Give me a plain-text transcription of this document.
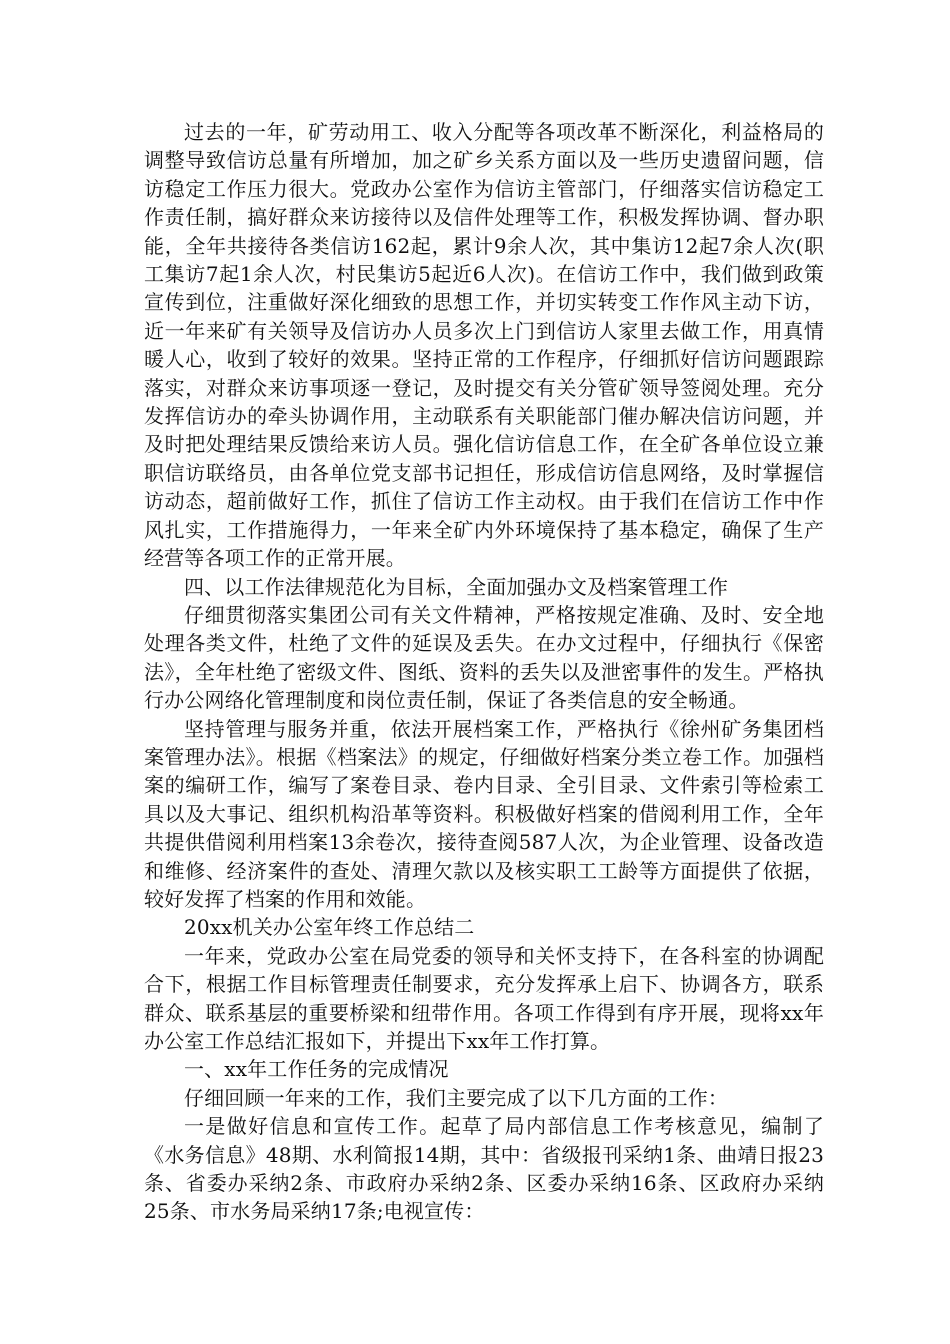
过去的一年，矿劳动用工、收入分配等各项改革不断深化，利益格局的调整导致信访总量有所增加，加之矿乡关系方面以及一些历史遗留问题，信访稳定工作压力很大。党政办公室作为信访主管部门，仔细落实信访稳定工作责任制，搞好群众来访接待以及信件处理等工作，积极发挥协调、督办职能，全年共接待各类信访162起，累计9余人次，其中集访12起7余人次(职工集访7起1余人次，村民集访5起近6人次)。在信访工作中，我们做到政策宣传到位，注重做好深化细致的思想工作，并切实转变工作作风主动下访，近一年来矿有关领导及信访办人员多次上门到信访人家里去做工作，用真情暖人心，收到了较好的效果。坚持正常的工作程序，仔细抓好信访问题跟踪落实，对群众来访事项逐一登记，及时提交有关分管矿领导签阅处理。充分发挥信访办的牵头协调作用，主动联系有关职能部门催办解决信访问题，并及时把处理结果反馈给来访人员。强化信访信息工作，在全矿各单位设立兼职信访联络员，由各单位党支部书记担任，形成信访信息网络，及时掌握信访动态，超前做好工作，抓住了信访工作主动权。由于我们在信访工作中作风扎实，工作措施得力，一年来全矿内外环境保持了基本稳定，确保了生产经营等各项工作的正常开展。

四、以工作法律规范化为目标，全面加强办文及档案管理工作

仔细贯彻落实集团公司有关文件精神，严格按规定准确、及时、安全地处理各类文件，杜绝了文件的延误及丢失。在办文过程中，仔细执行《保密法》，全年杜绝了密级文件、图纸、资料的丢失以及泄密事件的发生。严格执行办公网络化管理制度和岗位责任制，保证了各类信息的安全畅通。

坚持管理与服务并重，依法开展档案工作，严格执行《徐州矿务集团档案管理办法》。根据《档案法》的规定，仔细做好档案分类立卷工作。加强档案的编研工作，编写了案卷目录、卷内目录、全引目录、文件索引等检索工具以及大事记、组织机构沿革等资料。积极做好档案的借阅利用工作，全年共提供借阅利用档案13余卷次，接待查阅587人次，为企业管理、设备改造和维修、经济案件的查处、清理欠款以及核实职工工龄等方面提供了依据，较好发挥了档案的作用和效能。

20xx机关办公室年终工作总结二

一年来，党政办公室在局党委的领导和关怀支持下，在各科室的协调配合下，根据工作目标管理责任制要求，充分发挥承上启下、协调各方，联系群众、联系基层的重要桥梁和纽带作用。各项工作得到有序开展，现将xx年办公室工作总结汇报如下，并提出下xx年工作打算。

一、xx年工作任务的完成情况

仔细回顾一年来的工作，我们主要完成了以下几方面的工作：

一是做好信息和宣传工作。起草了局内部信息工作考核意见，编制了《水务信息》48期、水利简报14期，其中：省级报刊采纳1条、曲靖日报23条、省委办采纳2条、市政府办采纳2条、区委办采纳16条、区政府办采纳25条、市水务局采纳17条;电视宣传：
